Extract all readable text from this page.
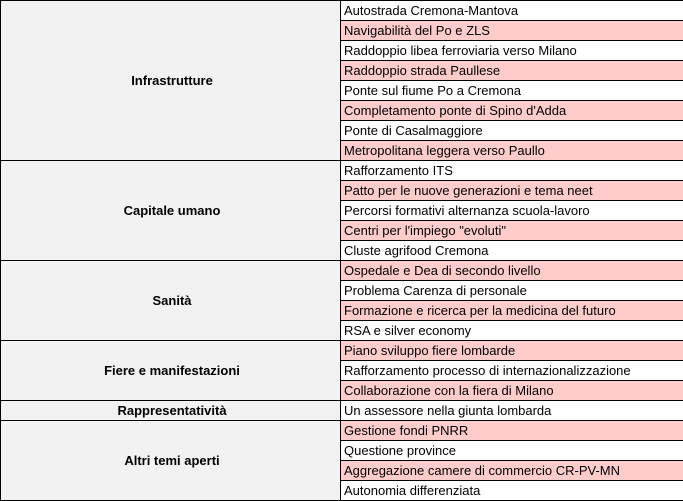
Infrastrutture	Autostrada Cremona-Mantova
	Navigabilità del Po e ZLS
	Raddoppio libea ferroviaria verso Milano
	Raddoppio strada Paullese
	Ponte sul fiume Po a Cremona
	Completamento ponte di Spino d'Adda
	Ponte di Casalmaggiore
	Metropolitana leggera verso Paullo
Capitale umano	Rafforzamento ITS
	Patto per le nuove generazioni e tema neet
	Percorsi formativi alternanza scuola-lavoro
	Centri per l'impiego "evoluti"
	Cluste agrifood Cremona
Sanità	Ospedale e Dea di secondo livello
	Problema Carenza di personale
	Formazione e ricerca per la medicina del futuro
	RSA e silver economy
Fiere e manifestazioni	Piano sviluppo fiere lombarde
	Rafforzamento processo di internazionalizzazione
	Collaborazione con la fiera di Milano
Rappresentatività	Un assessore nella giunta lombarda
Altri temi aperti	Gestione fondi PNRR
	Questione province
	Aggregazione camere di commercio CR-PV-MN
	Autonomia differenziata
